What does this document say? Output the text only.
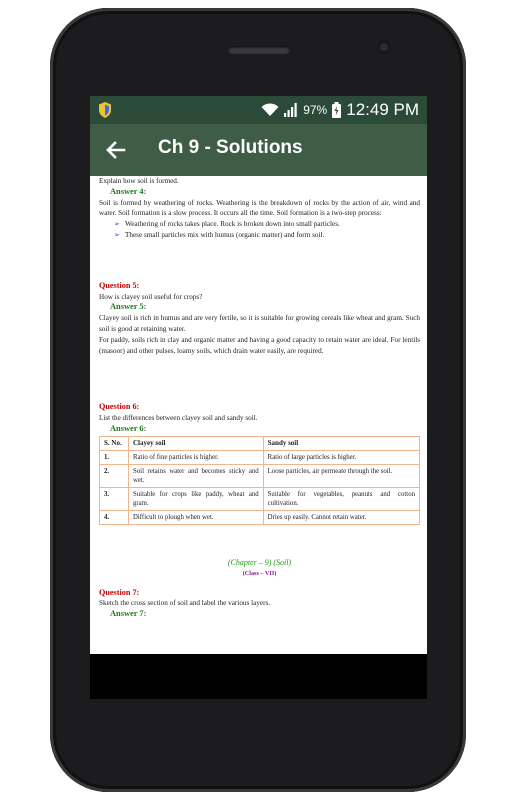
97% 12:49 PM
Ch 9 - Solutions
Explain how soil is formed.
Answer 4:
Soil is formed by weathering of rocks. Weathering is the breakdown of rocks by the action of air, wind and water. Soil formation is a slow process. It occurs all the time. Soil formation is a two-step process:
➢ Weathering of rocks takes place. Rock is broken down into small particles.
➢ These small particles mix with humus (organic matter) and form soil.
Question 5:
How is clayey soil useful for crops?
Answer 5:
Clayey soil is rich in humus and are very fertile, so it is suitable for growing cereals like wheat and gram. Such soil is good at retaining water.
For paddy, soils rich in clay and organic matter and having a good capacity to retain water are ideal. For lentils (masoor) and other pulses, loamy soils, which drain water easily, are required.
Question 6:
List the differences between clayey soil and sandy soil.
Answer 6:
S. No.	Clayey soil	Sandy soil
1.	Ratio of fine particles is higher.	Ratio of large particles is higher.
2.	Soil retains water and becomes sticky and wet.	Loose particles, air permeate through the soil.
3.	Suitable for crops like paddy, wheat and gram.	Suitable for vegetables, peanuts and cotton cultivation.
4.	Difficult to plough when wet.	Dries up easily. Cannot retain water.
(Chapter – 9) (Soil)
(Class – VII)
Question 7:
Sketch the cross section of soil and label the various layers.
Answer 7:
